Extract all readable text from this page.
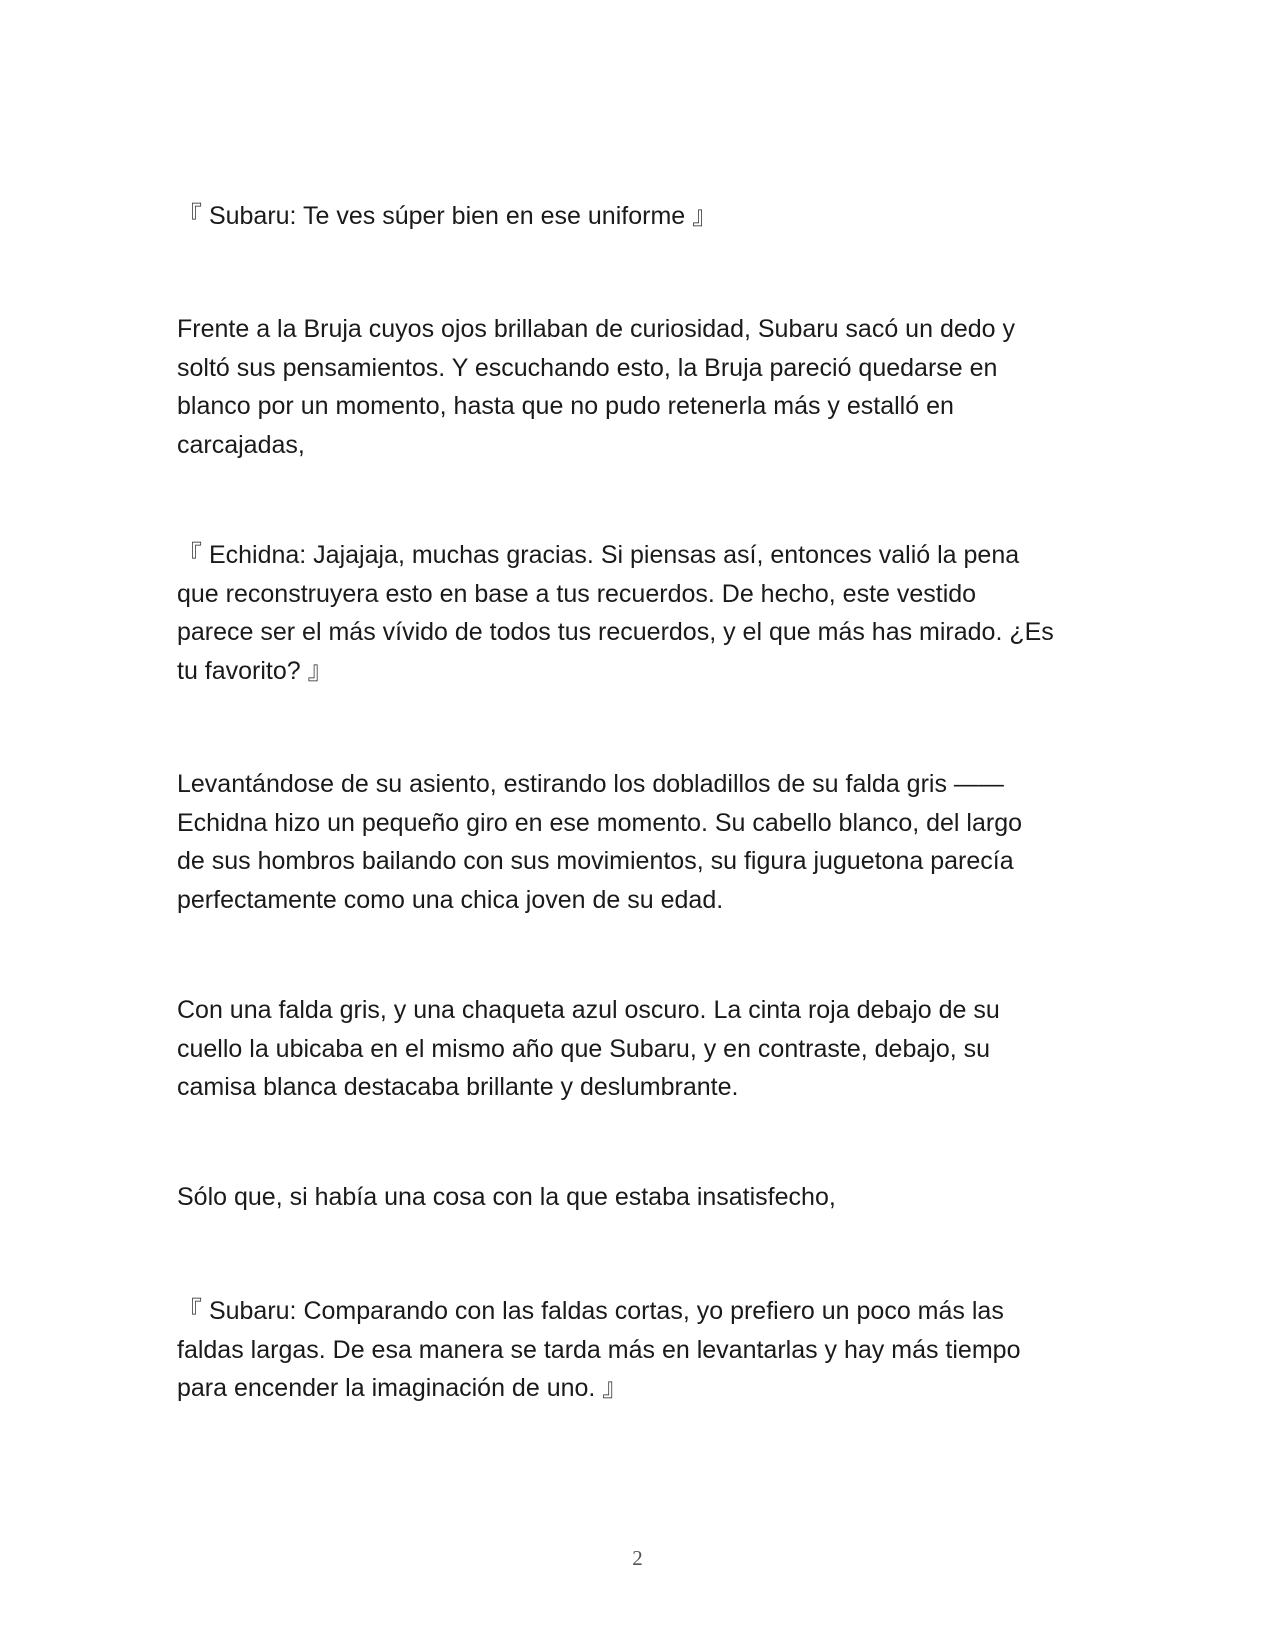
『 Subaru: Te ves súper bien en ese uniforme 』
Frente a la Bruja cuyos ojos brillaban de curiosidad, Subaru sacó un dedo y
soltó sus pensamientos. Y escuchando esto, la Bruja pareció quedarse en
blanco por un momento, hasta que no pudo retenerla más y estalló en
carcajadas,
『 Echidna: Jajajaja, muchas gracias. Si piensas así, entonces valió la pena
que reconstruyera esto en base a tus recuerdos. De hecho, este vestido
parece ser el más vívido de todos tus recuerdos, y el que más has mirado. ¿Es
tu favorito? 』
Levantándose de su asiento, estirando los dobladillos de su falda gris ——
Echidna hizo un pequeño giro en ese momento. Su cabello blanco, del largo
de sus hombros bailando con sus movimientos, su figura juguetona parecía
perfectamente como una chica joven de su edad.
Con una falda gris, y una chaqueta azul oscuro. La cinta roja debajo de su
cuello la ubicaba en el mismo año que Subaru, y en contraste, debajo, su
camisa blanca destacaba brillante y deslumbrante.
Sólo que, si había una cosa con la que estaba insatisfecho,
『 Subaru: Comparando con las faldas cortas, yo prefiero un poco más las
faldas largas. De esa manera se tarda más en levantarlas y hay más tiempo
para encender la imaginación de uno. 』
2
